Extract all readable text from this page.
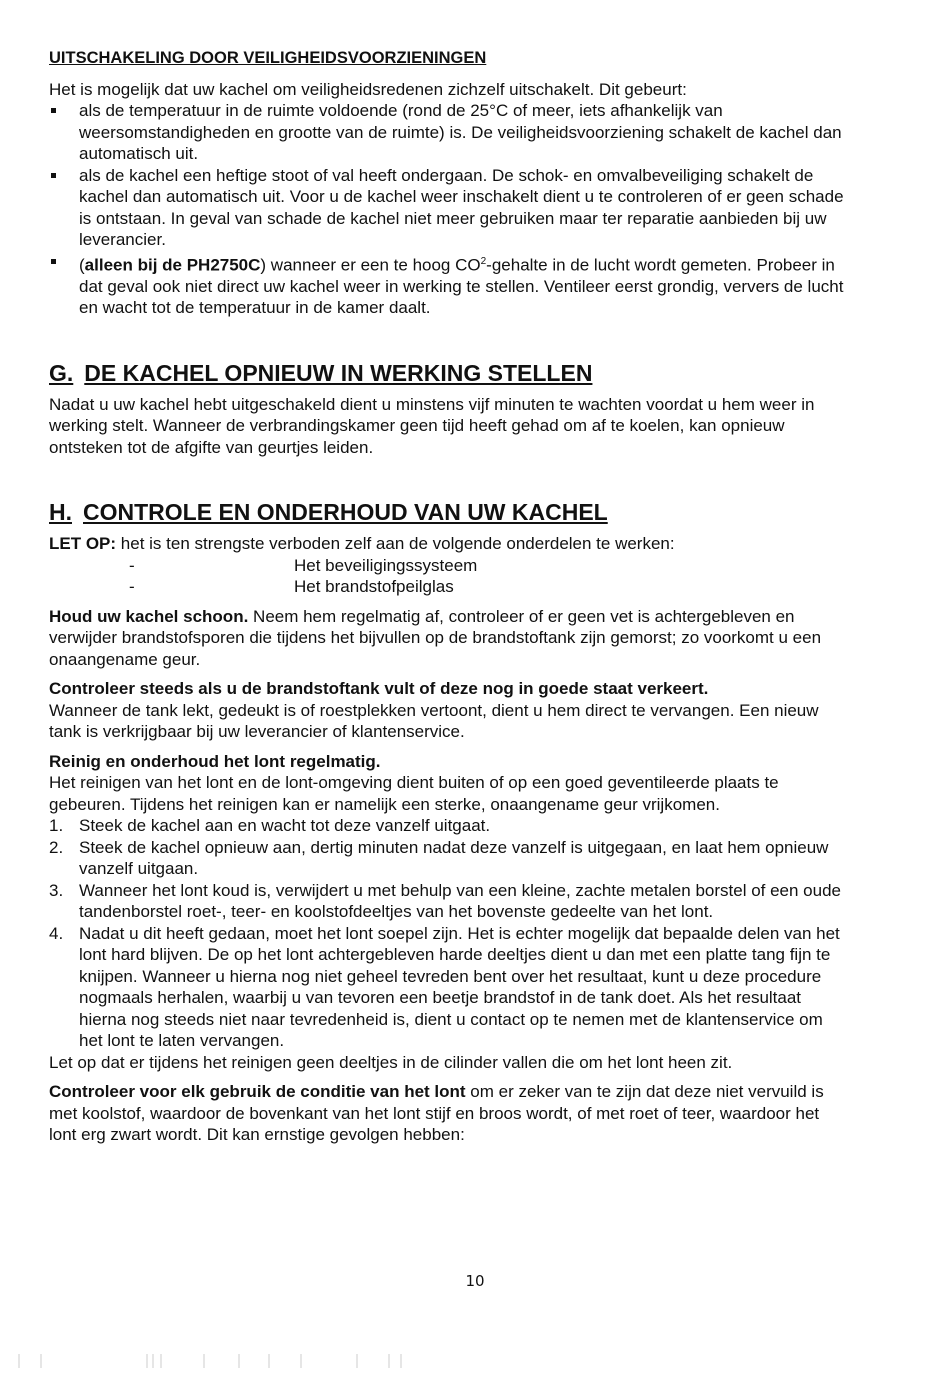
UITSCHAKELING DOOR VEILIGHEIDSVOORZIENINGEN

Het is mogelijk dat uw kachel om veiligheidsredenen zichzelf uitschakelt. Dit gebeurt:

als de temperatuur in de ruimte voldoende (rond de 25°C of meer, iets afhankelijk van weersomstandigheden en grootte van de ruimte) is. De veiligheidsvoorziening schakelt de kachel dan automatisch uit.
als de kachel een heftige stoot of val heeft ondergaan. De schok- en omvalbeveiliging schakelt de kachel dan automatisch uit. Voor u de kachel weer inschakelt dient u te controleren of er geen schade is ontstaan. In geval van schade de kachel niet meer gebruiken maar ter reparatie aanbieden bij uw leverancier.
(alleen bij de PH2750C) wanneer er een te hoog $CO^2$-gehalte in de lucht wordt gemeten. Probeer in dat geval ook niet direct uw kachel weer in werking te stellen. Ventileer eerst grondig, ververs de lucht en wacht tot de temperatuur in de kamer daalt.
G. DE KACHEL OPNIEUW IN WERKING STELLEN

Nadat u uw kachel hebt uitgeschakeld dient u minstens vijf minuten te wachten voordat u hem weer in werking stelt. Wanneer de verbrandingskamer geen tijd heeft gehad om af te koelen, kan opnieuw ontsteken tot de afgifte van geurtjes leiden.

H. CONTROLE EN ONDERHOUD VAN UW KACHEL

LET OP: het is ten strengste verboden zelf aan de volgende onderdelen te werken:

-	Het beveiligingssysteem
-	Het brandstofpeilglas

Houd uw kachel schoon. Neem hem regelmatig af, controleer of er geen vet is achtergebleven en verwijder brandstofsporen die tijdens het bijvullen op de brandstoftank zijn gemorst; zo voorkomt u een onaangename geur.

Controleer steeds als u de brandstoftank vult of deze nog in goede staat verkeert.

Wanneer de tank lekt, gedeukt is of roestplekken vertoont, dient u hem direct te vervangen. Een nieuw tank is verkrijgbaar bij uw leverancier of klantenservice.

Reinig en onderhoud het lont regelmatig.

Het reinigen van het lont en de lont-omgeving dient buiten of op een goed geventileerde plaats te gebeuren. Tijdens het reinigen kan er namelijk een sterke, onaangename geur vrijkomen.

1. Steek de kachel aan en wacht tot deze vanzelf uitgaat.
2. Steek de kachel opnieuw aan, dertig minuten nadat deze vanzelf is uitgegaan, en laat hem opnieuw vanzelf uitgaan.
3. Wanneer het lont koud is, verwijdert u met behulp van een kleine, zachte metalen borstel of een oude tandenborstel roet-, teer- en koolstofdeeltjes van het bovenste gedeelte van het lont.
4. Nadat u dit heeft gedaan, moet het lont soepel zijn. Het is echter mogelijk dat bepaalde delen van het lont hard blijven. De op het lont achtergebleven harde deeltjes dient u dan met een platte tang fijn te knijpen. Wanneer u hierna nog niet geheel tevreden bent over het resultaat, kunt u deze procedure nogmaals herhalen, waarbij u van tevoren een beetje brandstof in de tank doet. Als het resultaat hierna nog steeds niet naar tevredenheid is, dient u contact op te nemen met de klantenservice om het lont te laten vervangen.

Let op dat er tijdens het reinigen geen deeltjes in de cilinder vallen die om het lont heen zit.

Controleer voor elk gebruik de conditie van het lont om er zeker van te zijn dat deze niet vervuild is met koolstof, waardoor de bovenkant van het lont stijf en broos wordt, of met roet of teer, waardoor het lont erg zwart wordt. Dit kan ernstige gevolgen hebben:

10
